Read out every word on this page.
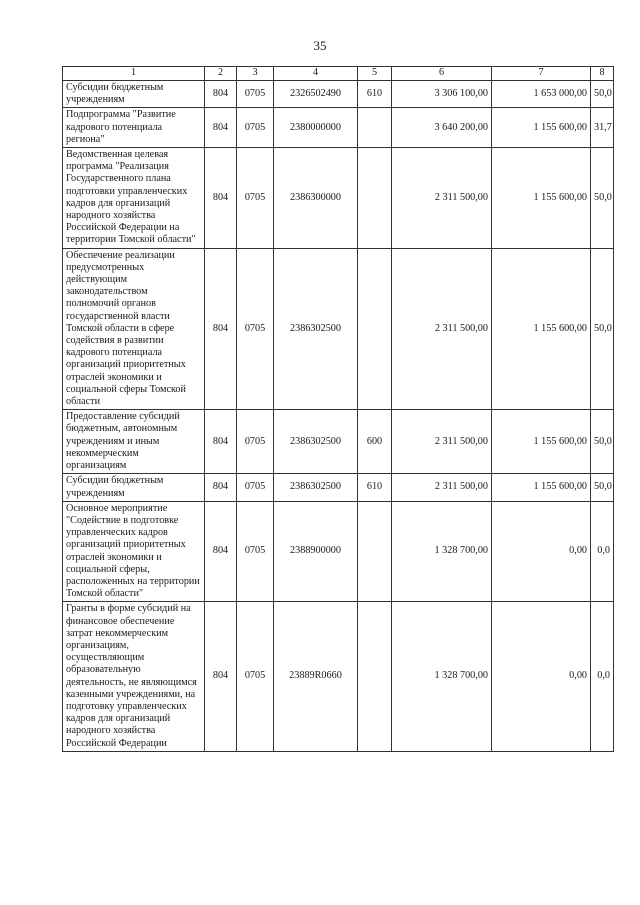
35
1	2	3	4	5	6	7	8
Субсидии бюджетным учреждениям	804	0705	2326502490	610	3 306 100,00	1 653 000,00	50,0
Подпрограмма "Развитие кадрового потенциала региона"	804	0705	2380000000		3 640 200,00	1 155 600,00	31,7
Ведомственная целевая программа "Реализация Государственного плана подготовки управленческих кадров для организаций народного хозяйства Российской Федерации на территории Томской области"	804	0705	2386300000		2 311 500,00	1 155 600,00	50,0
Обеспечение реализации предусмотренных действующим законодательством полномочий органов государственной власти Томской области в сфере содействия в развитии кадрового потенциала организаций приоритетных отраслей экономики и социальной сферы Томской области	804	0705	2386302500		2 311 500,00	1 155 600,00	50,0
Предоставление субсидий бюджетным, автономным учреждениям и иным некоммерческим организациям	804	0705	2386302500	600	2 311 500,00	1 155 600,00	50,0
Субсидии бюджетным учреждениям	804	0705	2386302500	610	2 311 500,00	1 155 600,00	50,0
Основное мероприятие "Содействие в подготовке управленческих кадров организаций приоритетных отраслей экономики и социальной сферы, расположенных на территории Томской области"	804	0705	2388900000		1 328 700,00	0,00	0,0
Гранты в форме субсидий на финансовое обеспечение затрат некоммерческим организациям, осуществляющим образовательную деятельность, не являющимся казенными учреждениями, на подготовку управленческих кадров для организаций народного хозяйства Российской Федерации	804	0705	23889R0660		1 328 700,00	0,00	0,0
